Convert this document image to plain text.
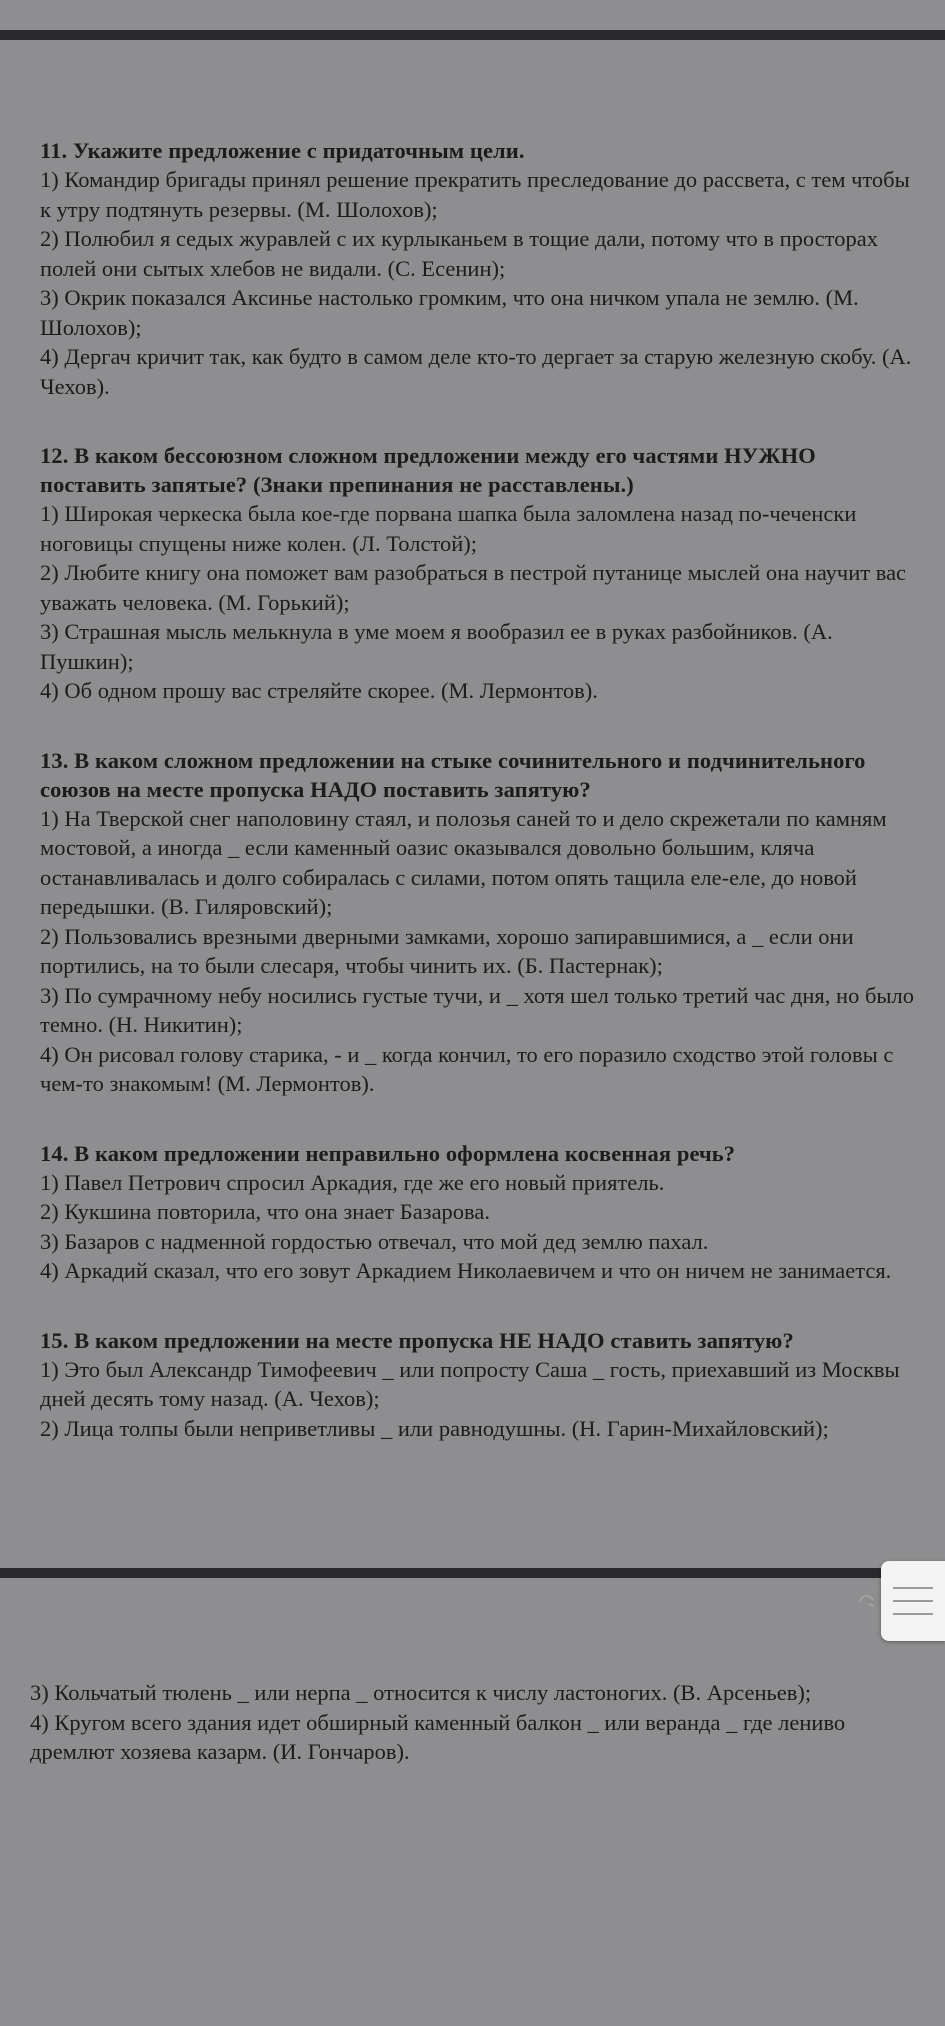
11. Укажите предложение с придаточным цели.
1) Командир бригады принял решение прекратить преследование до рассвета, с тем чтобы к утру подтянуть резервы. (М. Шолохов);
2) Полюбил я седых журавлей с их курлыканьем в тощие дали, потому что в просторах полей они сытых хлебов не видали. (С. Есенин);
3) Окрик показался Аксинье настолько громким, что она ничком упала не землю. (М. Шолохов);
4) Дергач кричит так, как будто в самом деле кто-то дергает за старую железную скобу. (А. Чехов).
12. В каком бессоюзном сложном предложении между его частями НУЖНО поставить запятые? (Знаки препинания не расставлены.)
1) Широкая черкеска была кое-где порвана шапка была заломлена назад по-чеченски ноговицы спущены ниже колен. (Л. Толстой);
2) Любите книгу она поможет вам разобраться в пестрой путанице мыслей она научит вас уважать человека. (М. Горький);
3) Страшная мысль мелькнула в уме моем я вообразил ее в руках разбойников. (А. Пушкин);
4) Об одном прошу вас стреляйте скорее. (М. Лермонтов).
13. В каком сложном предложении на стыке сочинительного и подчинительного союзов на месте пропуска НАДО поставить запятую?
1) На Тверской снег наполовину стаял, и полозья саней то и дело скрежетали по камням мостовой, а иногда _ если каменный оазис оказывался довольно большим, кляча останавливалась и долго собиралась с силами, потом опять тащила еле-еле, до новой передышки. (В. Гиляровский);
2) Пользовались врезными дверными замками, хорошо запиравшимися, а _ если они портились, на то были слесаря, чтобы чинить их. (Б. Пастернак);
3) По сумрачному небу носились густые тучи, и _ хотя шел только третий час дня, но было темно. (Н. Никитин);
4) Он рисовал голову старика, - и _ когда кончил, то его поразило сходство этой головы с чем-то знакомым! (М. Лермонтов).
14. В каком предложении неправильно оформлена косвенная речь?
1) Павел Петрович спросил Аркадия, где же его новый приятель.
2) Кукшина повторила, что она знает Базарова.
3) Базаров с надменной гордостью отвечал, что мой дед землю пахал.
4) Аркадий сказал, что его зовут Аркадием Николаевичем и что он ничем не занимается.
15. В каком предложении на месте пропуска НЕ НАДО ставить запятую?
1) Это был Александр Тимофеевич _ или попросту Саша _ гость, приехавший из Москвы дней десять тому назад. (А. Чехов);
2) Лица толпы были неприветливы _ или равнодушны. (Н. Гарин-Михайловский);
3) Кольчатый тюлень _ или нерпа _ относится к числу ластоногих. (В. Арсеньев);
4) Кругом всего здания идет обширный каменный балкон _ или веранда _ где лениво дремлют хозяева казарм. (И. Гончаров).
